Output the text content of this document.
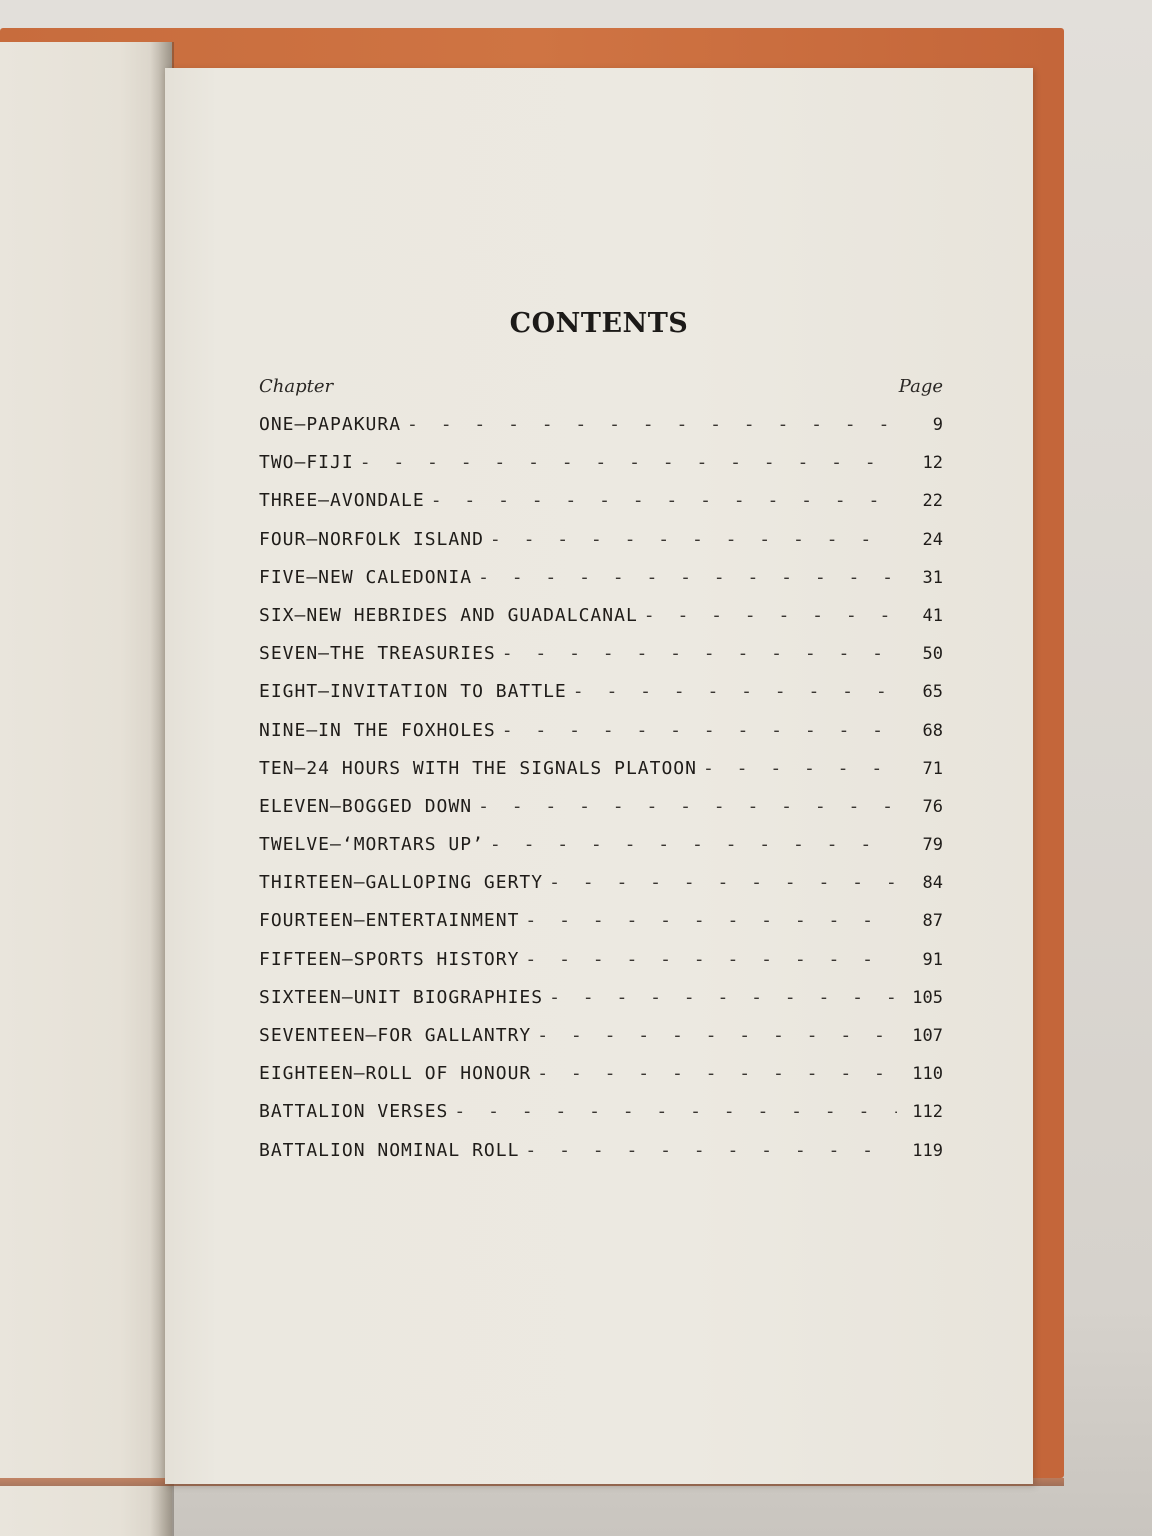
CONTENTS
Chapter	Page
ONE—PAPAKURA - -	9
TWO—FIJI - -	12
THREE—AVONDALE - -	22
FOUR—NORFOLK ISLAND - -	24
FIVE—NEW CALEDONIA - -	31
SIX—NEW HEBRIDES AND GUADALCANAL - -	41
SEVEN—THE TREASURIES - -	50
EIGHT—INVITATION TO BATTLE - -	65
NINE—IN THE FOXHOLES - -	68
TEN—24 HOURS WITH THE SIGNALS PLATOON - -	71
ELEVEN—BOGGED DOWN - -	76
TWELVE—‘MORTARS UP’ - -	79
THIRTEEN—GALLOPING GERTY - -	84
FOURTEEN—ENTERTAINMENT - -	87
FIFTEEN—SPORTS HISTORY - -	91
SIXTEEN—UNIT BIOGRAPHIES - -	105
SEVENTEEN—FOR GALLANTRY - -	107
EIGHTEEN—ROLL OF HONOUR - -	110
BATTALION VERSES - -	112
BATTALION NOMINAL ROLL - -	119
